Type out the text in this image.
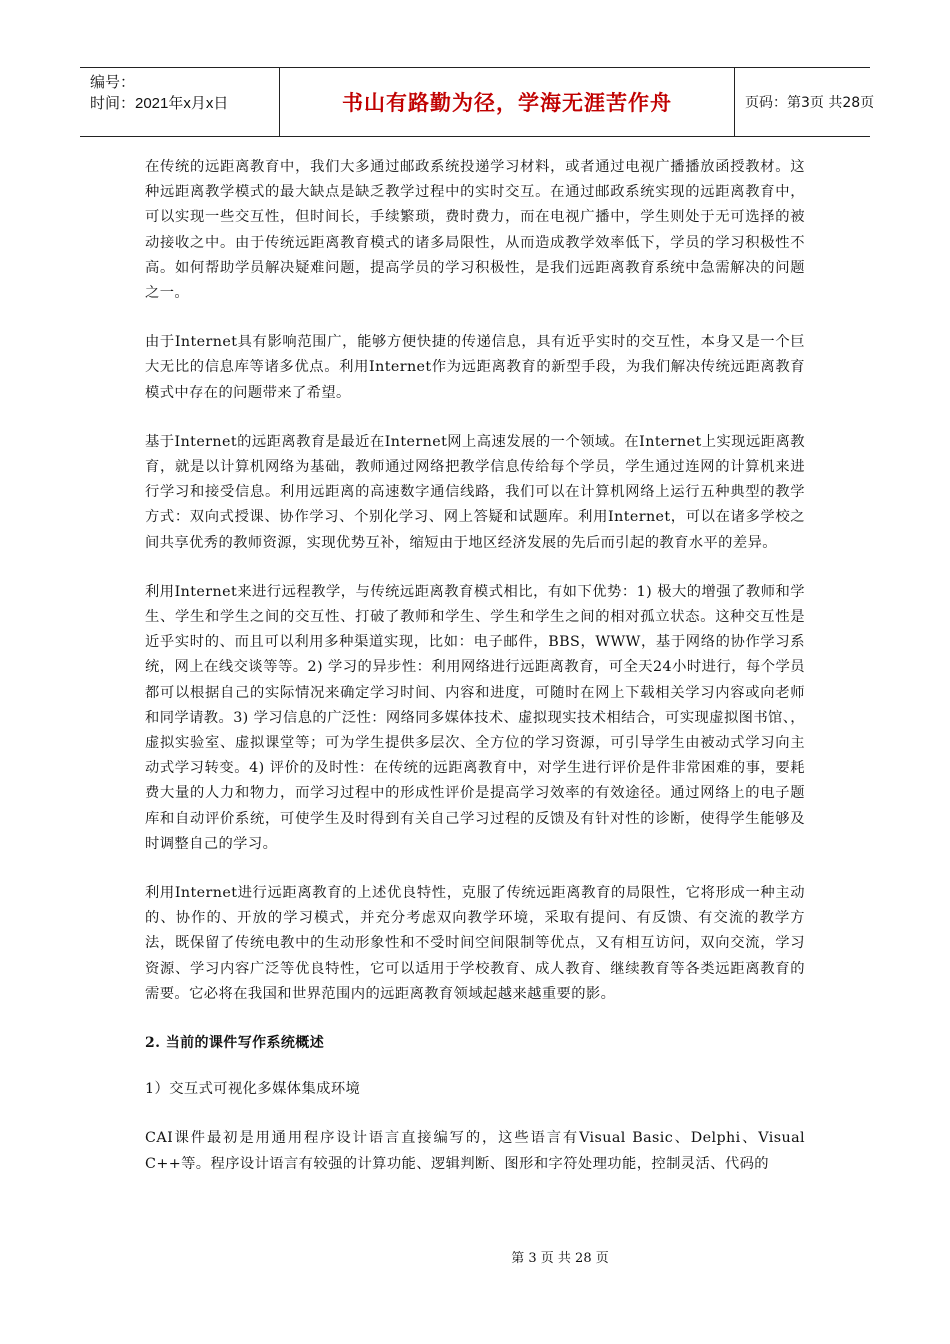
编号：
时间：2021年x月x日	书山有路勤为径，学海无涯苦作舟	页码：第3页 共28页

在传统的远距离教育中，我们大多通过邮政系统投递学习材料，或者通过电视广播播放函授教材。这种远距离教学模式的最大缺点是缺乏教学过程中的实时交互。在通过邮政系统实现的远距离教育中，可以实现一些交互性，但时间长，手续繁琐，费时费力，而在电视广播中，学生则处于无可选择的被动接收之中。由于传统远距离教育模式的诸多局限性，从而造成教学效率低下，学员的学习积极性不高。如何帮助学员解决疑难问题，提高学员的学习积极性，是我们远距离教育系统中急需解决的问题之一。

由于Internet具有影响范围广，能够方便快捷的传递信息，具有近乎实时的交互性，本身又是一个巨大无比的信息库等诸多优点。利用Internet作为远距离教育的新型手段，为我们解决传统远距离教育模式中存在的问题带来了希望。

基于Internet的远距离教育是最近在Internet网上高速发展的一个领域。在Internet上实现远距离教育，就是以计算机网络为基础，教师通过网络把教学信息传给每个学员，学生通过连网的计算机来进行学习和接受信息。利用远距离的高速数字通信线路，我们可以在计算机网络上运行五种典型的教学方式：双向式授课、协作学习、个别化学习、网上答疑和试题库。利用Internet，可以在诸多学校之间共享优秀的教师资源，实现优势互补，缩短由于地区经济发展的先后而引起的教育水平的差异。

利用Internet来进行远程教学，与传统远距离教育模式相比，有如下优势：1) 极大的增强了教师和学生、学生和学生之间的交互性、打破了教师和学生、学生和学生之间的相对孤立状态。这种交互性是近乎实时的、而且可以利用多种渠道实现，比如：电子邮件，BBS，WWW，基于网络的协作学习系统，网上在线交谈等等。2) 学习的异步性：利用网络进行远距离教育，可全天24小时进行，每个学员都可以根据自己的实际情况来确定学习时间、内容和进度，可随时在网上下载相关学习内容或向老师和同学请教。3) 学习信息的广泛性：网络同多媒体技术、虚拟现实技术相结合，可实现虚拟图书馆、，虚拟实验室、虚拟课堂等；可为学生提供多层次、全方位的学习资源，可引导学生由被动式学习向主动式学习转变。4) 评价的及时性：在传统的远距离教育中，对学生进行评价是件非常困难的事，要耗费大量的人力和物力，而学习过程中的形成性评价是提高学习效率的有效途径。通过网络上的电子题库和自动评价系统，可使学生及时得到有关自己学习过程的反馈及有针对性的诊断，使得学生能够及时调整自己的学习。

利用Internet进行远距离教育的上述优良特性，克服了传统远距离教育的局限性，它将形成一种主动的、协作的、开放的学习模式，并充分考虑双向教学环境，采取有提问、有反馈、有交流的教学方法，既保留了传统电教中的生动形象性和不受时间空间限制等优点，又有相互访问，双向交流，学习资源、学习内容广泛等优良特性，它可以适用于学校教育、成人教育、继续教育等各类远距离教育的需要。它必将在我国和世界范围内的远距离教育领域起越来越重要的影。

2. 当前的课件写作系统概述

1）交互式可视化多媒体集成环境

CAI课件最初是用通用程序设计语言直接编写的，这些语言有Visual Basic、Delphi、Visual C++等。程序设计语言有较强的计算功能、逻辑判断、图形和字符处理功能，控制灵活、代码的

第 3 页 共 28 页
